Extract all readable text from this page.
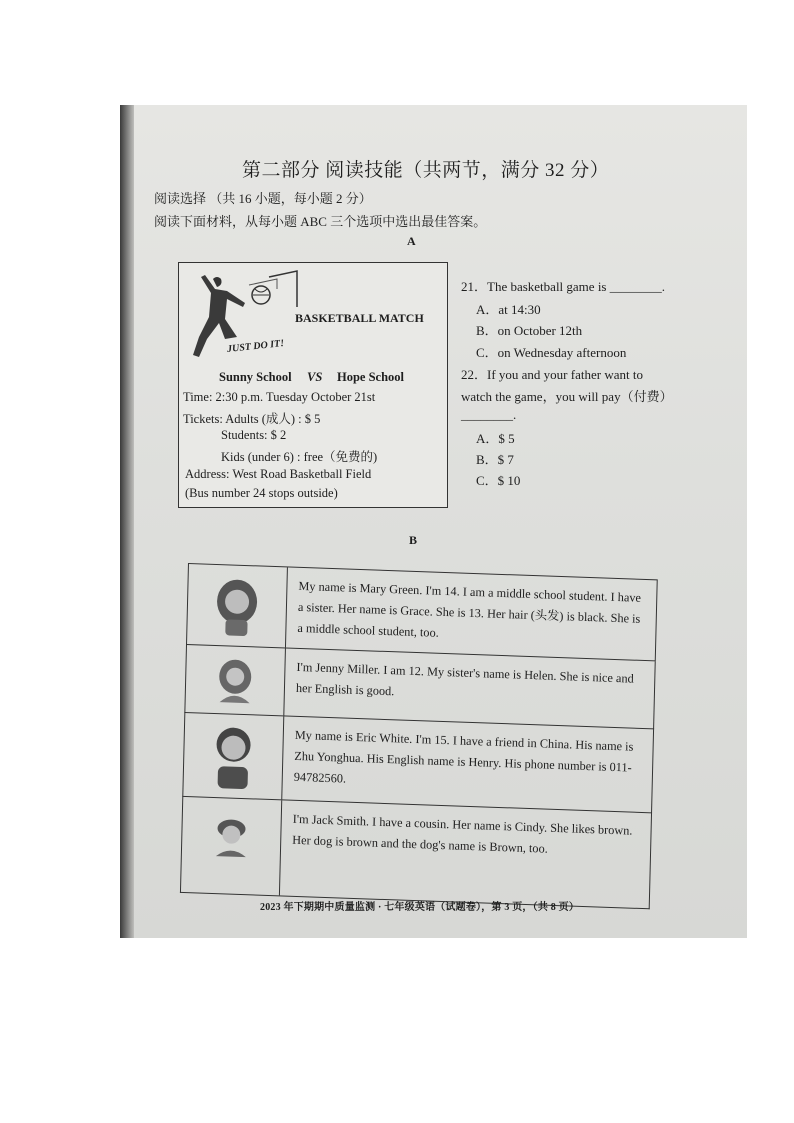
第二部分 阅读技能（共两节，满分 32 分）
阅读选择 （共 16 小题，每小题 2 分）
阅读下面材料，从每小题 ABC 三个选项中选出最佳答案。
A
JUST DO IT!
BASKETBALL MATCH
Sunny School VS Hope School
Time: 2:30 p.m. Tuesday October 21st
Tickets: Adults (成人) : $ 5
Students: $ 2
Kids (under 6) : free（免费的)
Address: West Road Basketball Field
(Bus number 24 stops outside)
21．The basketball game is ________.
A．at 14:30
B．on October 12th
C．on Wednesday afternoon
22．If you and your father want to
watch the game，you will pay（付费）
________.
A．$ 5
B．$ 7
C．$ 10
B
My name is Mary Green. I'm 14. I am a middle school student. I have a sister. Her name is Grace. She is 13. Her hair (头发) is black. She is a middle school student, too.
I'm Jenny Miller. I am 12. My sister's name is Helen. She is nice and her English is good.
My name is Eric White. I'm 15. I have a friend in China. His name is Zhu Yonghua. His English name is Henry. His phone number is 011-94782560.
I'm Jack Smith. I have a cousin. Her name is Cindy. She likes brown. Her dog is brown and the dog's name is Brown, too.
2023 年下期期中质量监测 · 七年级英语（试题卷），第 3 页，（共 8 页）
